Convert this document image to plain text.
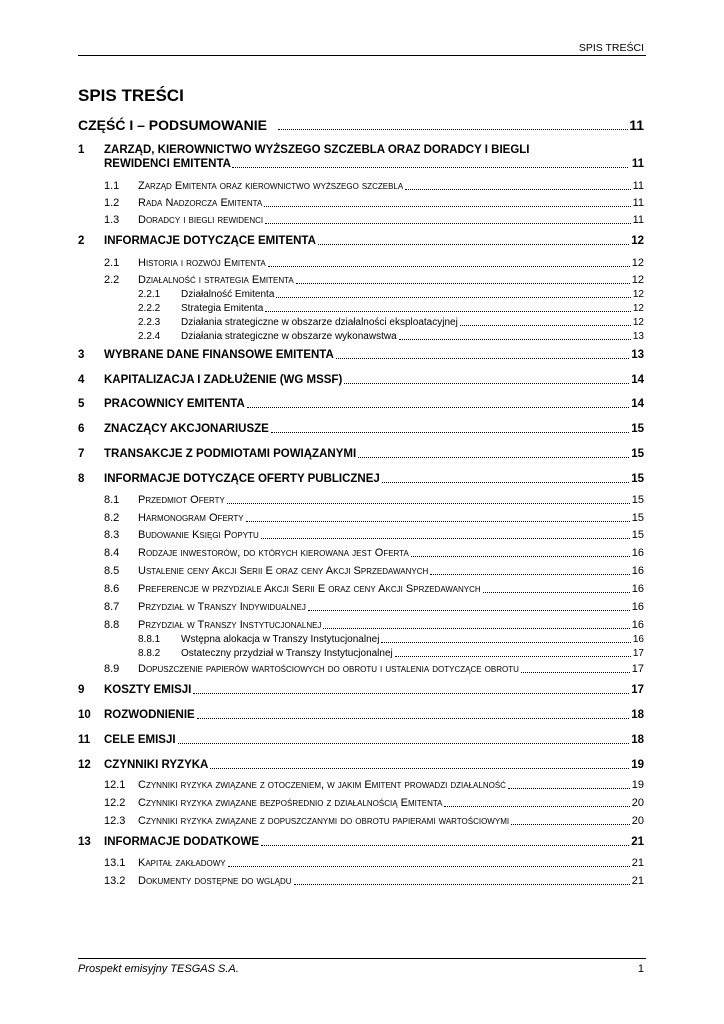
SPIS TREŚCI
SPIS TREŚCI
CZĘŚĆ I – PODSUMOWANIE	11
1 ZARZĄD, KIEROWNICTWO WYŻSZEGO SZCZEBLA ORAZ DORADCY I BIEGLI
REWIDENCI EMITENTA	11
1.1 Zarząd Emitenta oraz kierownictwo wyższego szczebla	11
1.2 Rada Nadzorcza Emitenta	11
1.3 Doradcy i biegli rewidenci	11
2 INFORMACJE DOTYCZĄCE EMITENTA	12
2.1 Historia i rozwój Emitenta	12
2.2 Działalność i strategia Emitenta	12
2.2.1 Działalność Emitenta	12
2.2.2 Strategia Emitenta	12
2.2.3 Działania strategiczne w obszarze działalności eksploatacyjnej	12
2.2.4 Działania strategiczne w obszarze wykonawstwa	13
3 WYBRANE DANE FINANSOWE EMITENTA	13
4 KAPITALIZACJA I ZADŁUŻENIE (WG MSSF)	14
5 PRACOWNICY EMITENTA	14
6 ZNACZĄCY AKCJONARIUSZE	15
7 TRANSAKCJE Z PODMIOTAMI POWIĄZANYMI	15
8 INFORMACJE DOTYCZĄCE OFERTY PUBLICZNEJ	15
8.1 Przedmiot Oferty	15
8.2 Harmonogram Oferty	15
8.3 Budowanie Księgi Popytu	15
8.4 Rodzaje inwestorów, do których kierowana jest Oferta	16
8.5 Ustalenie ceny Akcji Serii E oraz ceny Akcji Sprzedawanych	16
8.6 Preferencje w przydziale Akcji Serii E oraz ceny Akcji Sprzedawanych	16
8.7 Przydział w Transzy Indywidualnej	16
8.8 Przydział w Transzy Instytucjonalnej	16
8.8.1 Wstępna alokacja w Transzy Instytucjonalnej	16
8.8.2 Ostateczny przydział w Transzy Instytucjonalnej	17
8.9 Dopuszczenie papierów wartościowych do obrotu i ustalenia dotyczące obrotu	17
9 KOSZTY EMISJI	17
10 ROZWODNIENIE	18
11 CELE EMISJI	18
12 CZYNNIKI RYZYKA	19
12.1 Czynniki ryzyka związane z otoczeniem, w jakim Emitent prowadzi działalność	19
12.2 Czynniki ryzyka związane bezpośrednio z działalnością Emitenta	20
12.3 Czynniki ryzyka związane z dopuszczanymi do obrotu papierami wartościowymi	20
13 INFORMACJE DODATKOWE	21
13.1 Kapitał zakładowy	21
13.2 Dokumenty dostępne do wglądu	21
Prospekt emisyjny TESGAS S.A.	1
